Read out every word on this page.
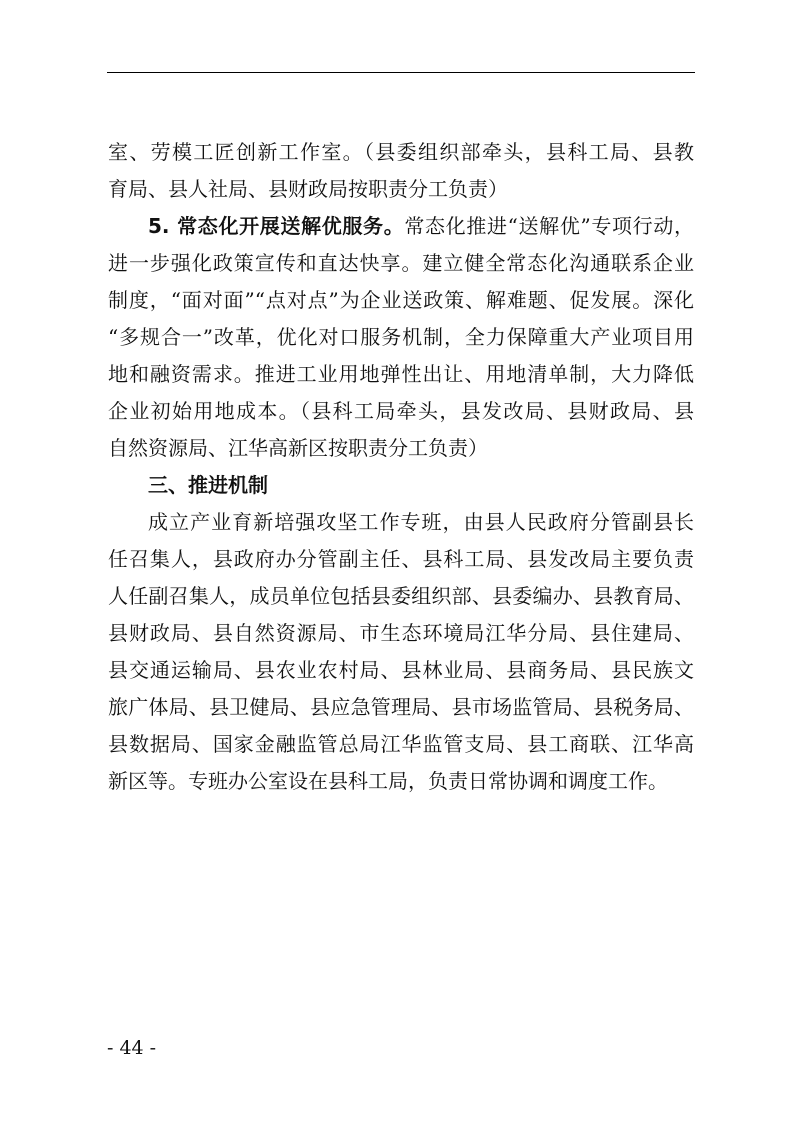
室、劳模工匠创新工作室。（县委组织部牵头，县科工局、县教
育局、县人社局、县财政局按职责分工负责）
5. 常态化开展送解优服务。常态化推进“送解优”专项行动，
进一步强化政策宣传和直达快享。建立健全常态化沟通联系企业
制度，“面对面”“点对点”为企业送政策、解难题、促发展。深化
“多规合一”改革，优化对口服务机制，全力保障重大产业项目用
地和融资需求。推进工业用地弹性出让、用地清单制，大力降低
企业初始用地成本。（县科工局牵头，县发改局、县财政局、县
自然资源局、江华高新区按职责分工负责）
三、推进机制
成立产业育新培强攻坚工作专班，由县人民政府分管副县长
任召集人，县政府办分管副主任、县科工局、县发改局主要负责
人任副召集人，成员单位包括县委组织部、县委编办、县教育局、
县财政局、县自然资源局、市生态环境局江华分局、县住建局、
县交通运输局、县农业农村局、县林业局、县商务局、县民族文
旅广体局、县卫健局、县应急管理局、县市场监管局、县税务局、
县数据局、国家金融监管总局江华监管支局、县工商联、江华高
新区等。专班办公室设在县科工局，负责日常协调和调度工作。
- 44 -
